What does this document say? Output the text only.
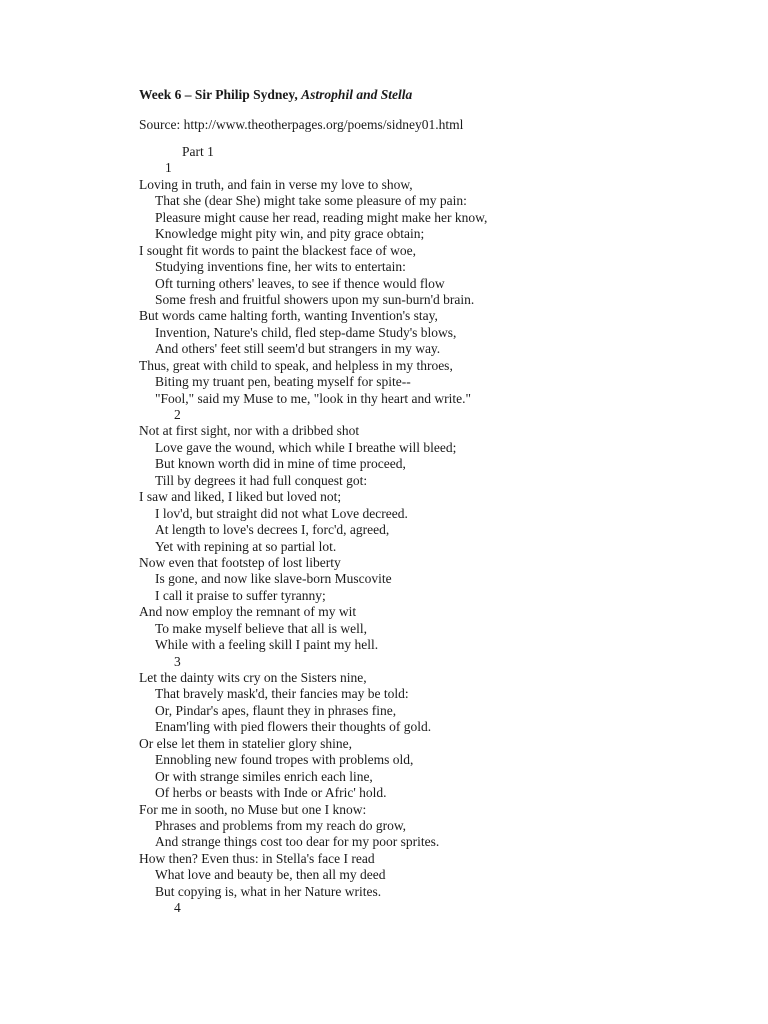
Week 6 – Sir Philip Sydney, Astrophil and Stella
Source: http://www.theotherpages.org/poems/sidney01.html
Part 1
1
Loving in truth, and fain in verse my love to show,
That she (dear She) might take some pleasure of my pain:
Pleasure might cause her read, reading might make her know,
Knowledge might pity win, and pity grace obtain;
I sought fit words to paint the blackest face of woe,
Studying inventions fine, her wits to entertain:
Oft turning others' leaves, to see if thence would flow
Some fresh and fruitful showers upon my sun-burn'd brain.
But words came halting forth, wanting Invention's stay,
Invention, Nature's child, fled step-dame Study's blows,
And others' feet still seem'd but strangers in my way.
Thus, great with child to speak, and helpless in my throes,
Biting my truant pen, beating myself for spite--
"Fool," said my Muse to me, "look in thy heart and write."
2
Not at first sight, nor with a dribbed shot
Love gave the wound, which while I breathe will bleed;
But known worth did in mine of time proceed,
Till by degrees it had full conquest got:
I saw and liked, I liked but loved not;
I lov'd, but straight did not what Love decreed.
At length to love's decrees I, forc'd, agreed,
Yet with repining at so partial lot.
Now even that footstep of lost liberty
Is gone, and now like slave-born Muscovite
I call it praise to suffer tyranny;
And now employ the remnant of my wit
To make myself believe that all is well,
While with a feeling skill I paint my hell.
3
Let the dainty wits cry on the Sisters nine,
That bravely mask'd, their fancies may be told:
Or, Pindar's apes, flaunt they in phrases fine,
Enam'ling with pied flowers their thoughts of gold.
Or else let them in statelier glory shine,
Ennobling new found tropes with problems old,
Or with strange similes enrich each line,
Of herbs or beasts with Inde or Afric' hold.
For me in sooth, no Muse but one I know:
Phrases and problems from my reach do grow,
And strange things cost too dear for my poor sprites.
How then? Even thus: in Stella's face I read
What love and beauty be, then all my deed
But copying is, what in her Nature writes.
4
